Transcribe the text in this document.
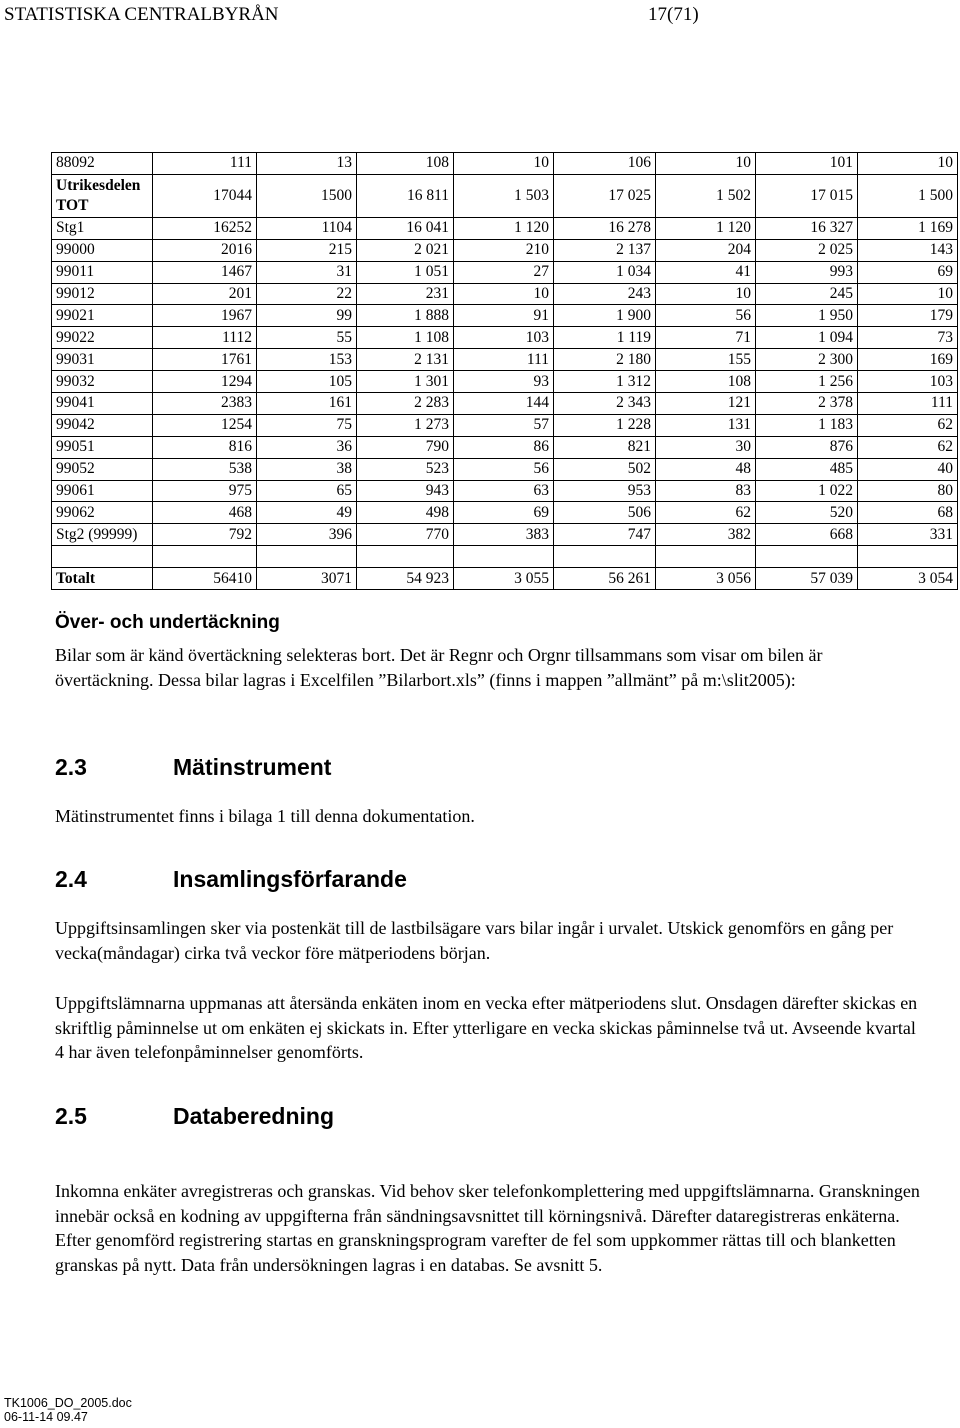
STATISTISKA CENTRALBYRÅN	17(71)
88092	111	13	108	10	106	10	101	10
Utrikesdelen TOT	17044	1500	16 811	1 503	17 025	1 502	17 015	1 500
Stg1	16252	1104	16 041	1 120	16 278	1 120	16 327	1 169
99000	2016	215	2 021	210	2 137	204	2 025	143
99011	1467	31	1 051	27	1 034	41	993	69
99012	201	22	231	10	243	10	245	10
99021	1967	99	1 888	91	1 900	56	1 950	179
99022	1112	55	1 108	103	1 119	71	1 094	73
99031	1761	153	2 131	111	2 180	155	2 300	169
99032	1294	105	1 301	93	1 312	108	1 256	103
99041	2383	161	2 283	144	2 343	121	2 378	111
99042	1254	75	1 273	57	1 228	131	1 183	62
99051	816	36	790	86	821	30	876	62
99052	538	38	523	56	502	48	485	40
99061	975	65	943	63	953	83	1 022	80
99062	468	49	498	69	506	62	520	68
Stg2 (99999)	792	396	770	383	747	382	668	331

Totalt	56410	3071	54 923	3 055	56 261	3 056	57 039	3 054
Över- och undertäckning
Bilar som är känd övertäckning selekteras bort. Det är Regnr och Orgnr tillsammans som visar om bilen är övertäckning. Dessa bilar lagras i Excelfilen ”Bilarbort.xls” (finns i mappen ”allmänt” på m:\slit2005):
2.3	Mätinstrument
Mätinstrumentet finns i bilaga 1 till denna dokumentation.
2.4	Insamlingsförfarande
Uppgiftsinsamlingen sker via postenkät till de lastbilsägare vars bilar ingår i urvalet. Utskick genomförs en gång per vecka(måndagar) cirka två veckor före mätperiodens början.
Uppgiftslämnarna uppmanas att återsända enkäten inom en vecka efter mätperiodens slut. Onsdagen därefter skickas en skriftlig påminnelse ut om enkäten ej skickats in. Efter ytterligare en vecka skickas påminnelse två ut. Avseende kvartal 4 har även telefonpåminnelser genomförts.
2.5	Databeredning
Inkomna enkäter avregistreras och granskas. Vid behov sker telefonkomplettering med uppgiftslämnarna. Granskningen innebär också en kodning av uppgifterna från sändningsavsnittet till körningsnivå. Därefter dataregistreras enkäterna. Efter genomförd registrering startas en granskningsprogram varefter de fel som uppkommer rättas till och blanketten granskas på nytt. Data från undersökningen lagras i en databas. Se avsnitt 5.
TK1006_DO_2005.doc
06-11-14 09.47
